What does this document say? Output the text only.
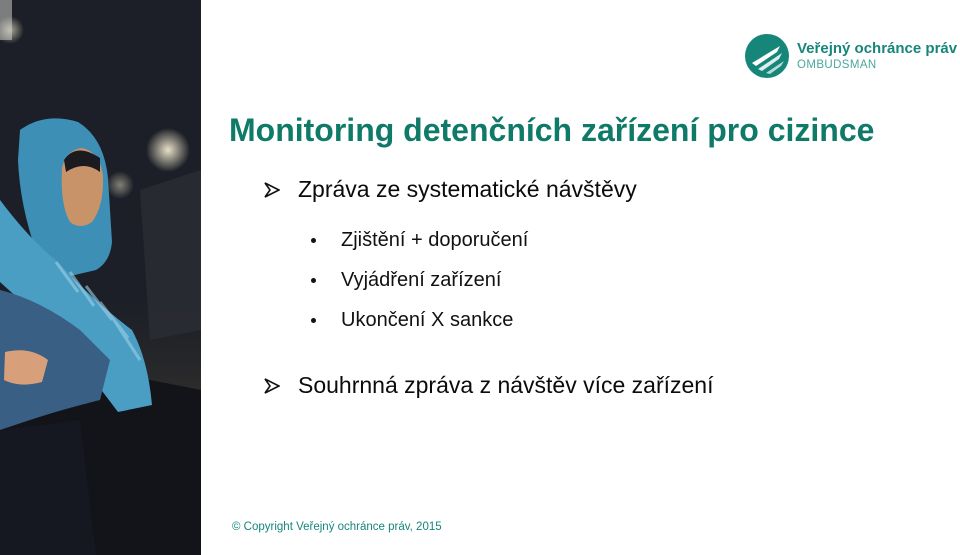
Veřejný ochránce práv
OMBUDSMAN
Monitoring detenčních zařízení pro cizince
Zpráva ze systematické návštěvy
Zjištění + doporučení
Vyjádření zařízení
Ukončení X sankce
Souhrnná zpráva z návštěv více zařízení
© Copyright Veřejný ochránce práv, 2015
